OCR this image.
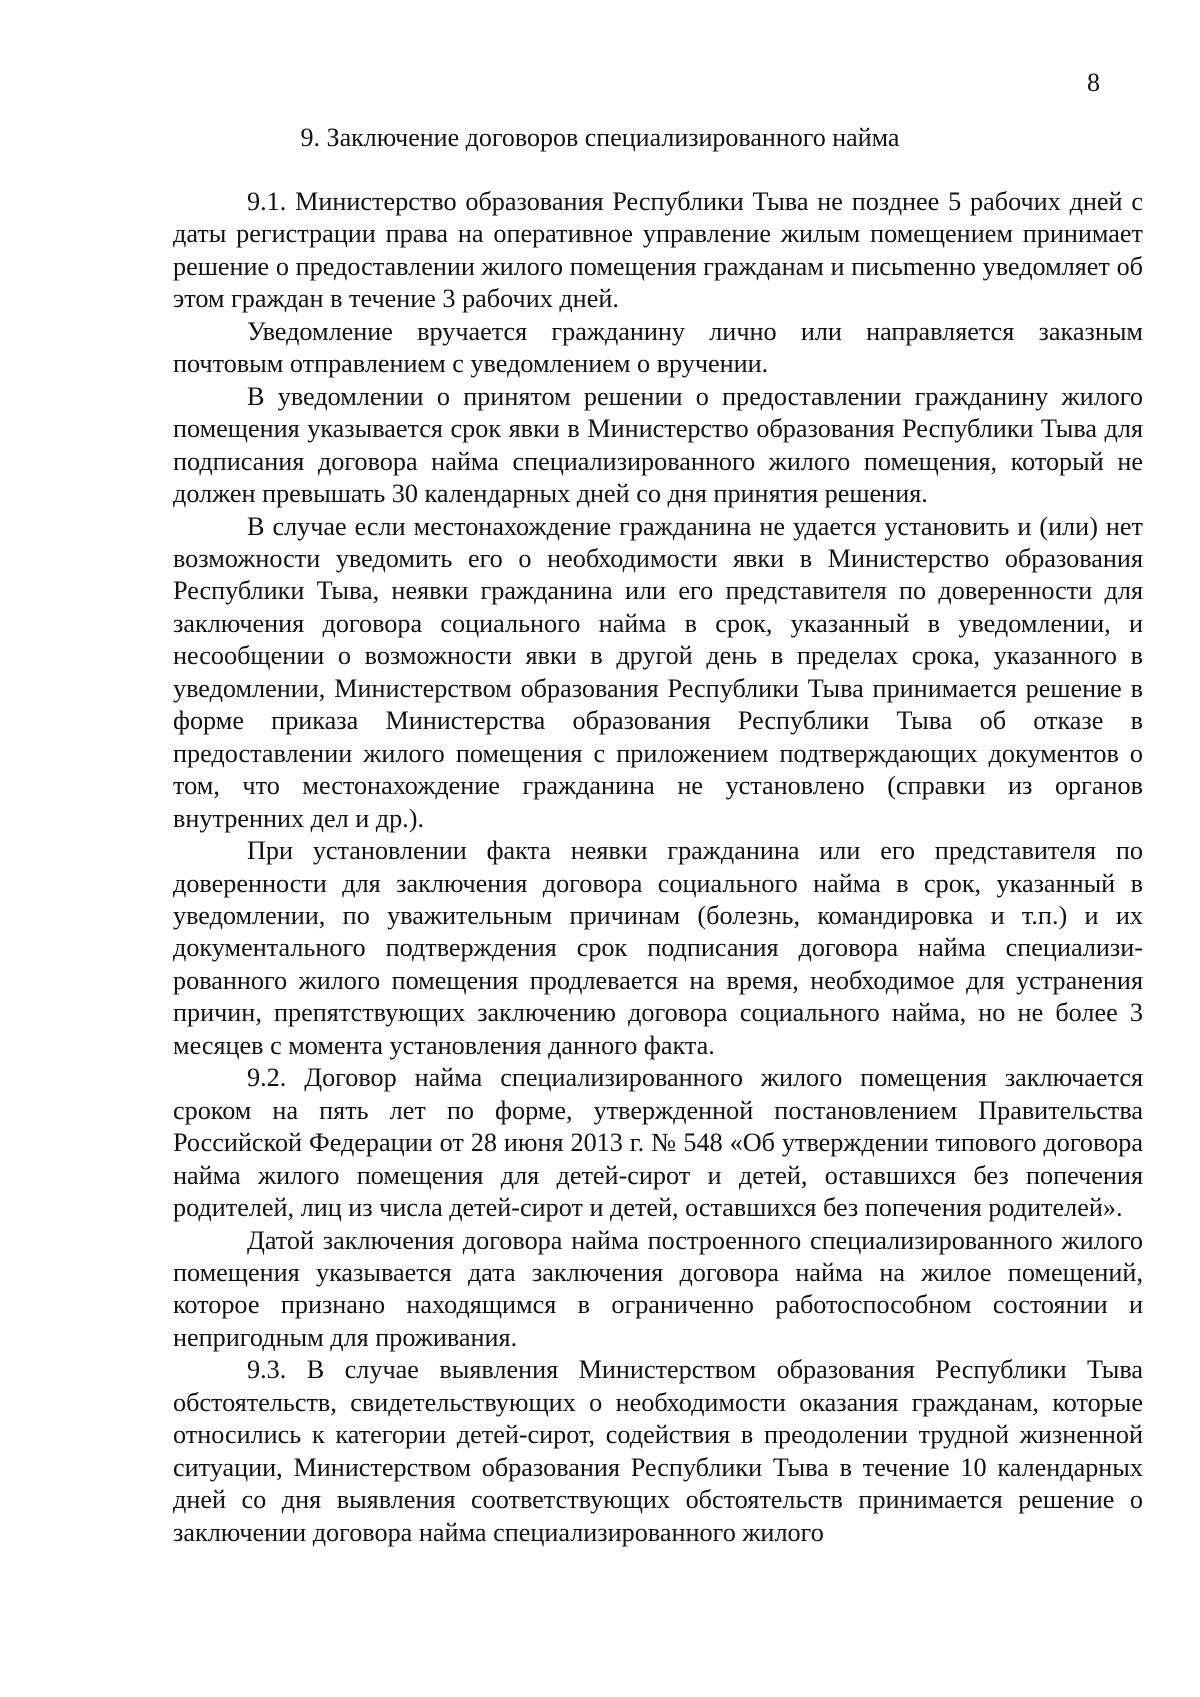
8

9. Заключение договоров специализированного найма

9.1. Министерство образования Республики Тыва не позднее 5 рабочих дней с даты регистрации права на оперативное управление жилым помещением принимает решение о предоставлении жилого помещения гражданам и письmенно уведомляет об этом граждан в течение 3 рабочих дней.

Уведомление вручается гражданину лично или направляется заказным почтовым отправлением с уведомлением о вручении.

В уведомлении о принятом решении о предоставлении гражданину жилого помещения указывается срок явки в Министерство образования Республики Тыва для подписания договора найма специализированного жилого помещения, который не должен превышать 30 календарных дней со дня принятия решения.

В случае если местонахождение гражданина не удается установить и (или) нет возможности уведомить его о необходимости явки в Министерство образования Республики Тыва, неявки гражданина или его представителя по доверенности для заключения договора социального найма в срок, указанный в уведомлении, и несообщении о возможности явки в другой день в пределах срока, указанного в уведомлении, Министерством образования Республики Тыва принимается решение в форме приказа Министерства образования Республики Тыва об отказе в предоставлении жилого помещения с приложением подтверждающих документов о том, что местонахождение гражданина не установлено (справки из органов внутренних дел и др.).

При установлении факта неявки гражданина или его представителя по доверенности для заключения договора социального найма в срок, указанный в уведомлении, по уважительным причинам (болезнь, командировка и т.п.) и их документального подтверждения срок подписания договора найма специализированного жилого помещения продлевается на время, необходимое для устранения причин, препятствующих заключению договора социального найма, но не более 3 месяцев с момента установления данного факта.

9.2. Договор найма специализированного жилого помещения заключается сроком на пять лет по форме, утвержденной постановлением Правительства Российской Федерации от 28 июня 2013 г. № 548 «Об утверждении типового договора найма жилого помещения для детей-сирот и детей, оставшихся без попечения родителей, лиц из числа детей-сирот и детей, оставшихся без попечения родителей».

Датой заключения договора найма построенного специализированного жилого помещения указывается дата заключения договора найма на жилое помещений, которое признано находящимся в ограниченно работоспособном состоянии и непригодным для проживания.

9.3. В случае выявления Министерством образования Республики Тыва обстоятельств, свидетельствующих о необходимости оказания гражданам, которые относились к категории детей-сирот, содействия в преодолении трудной жизненной ситуации, Министерством образования Республики Тыва в течение 10 календарных дней со дня выявления соответствующих обстоятельств принимается решение о заключении договора найма специализированного жилого
